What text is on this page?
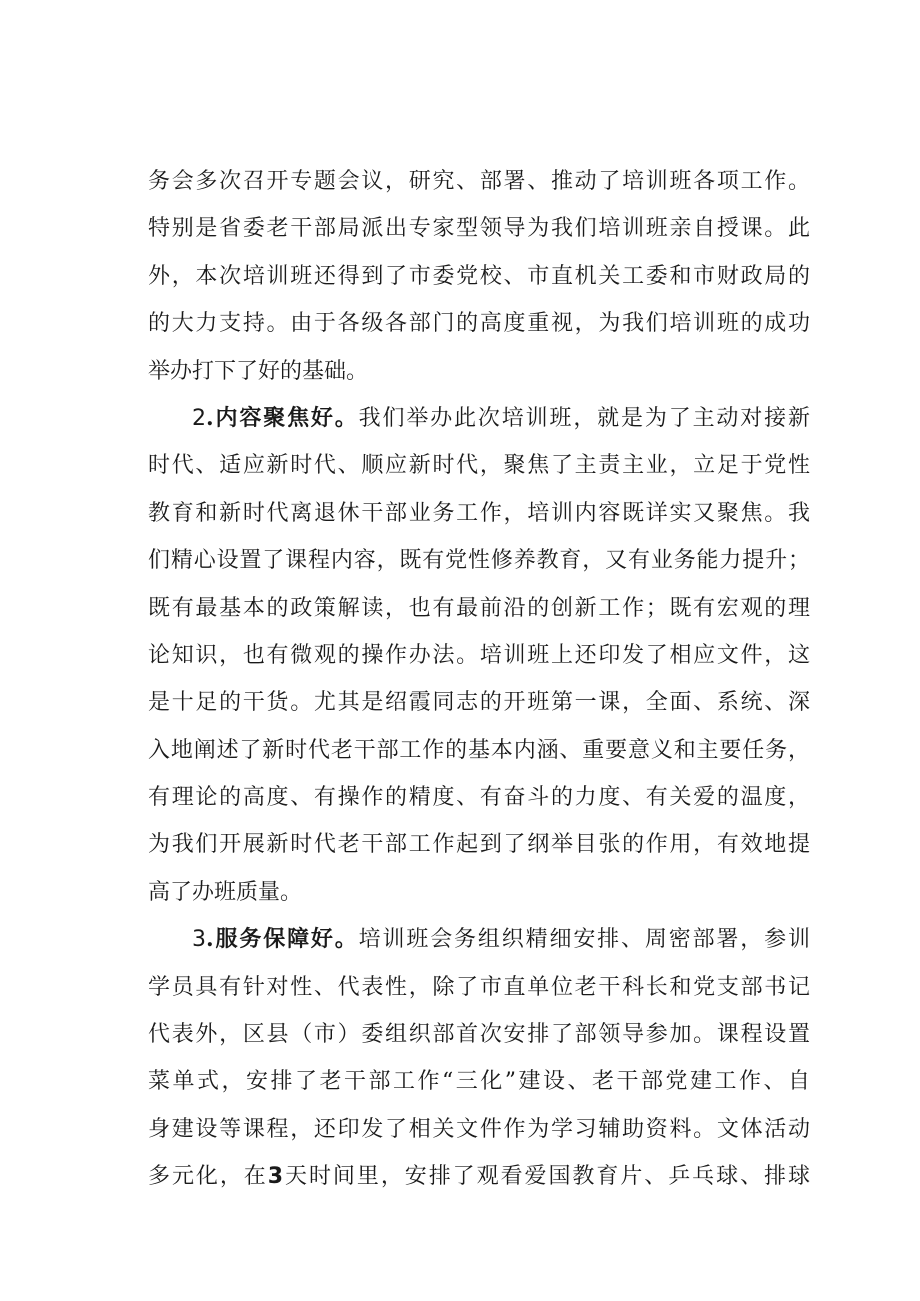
务会多次召开专题会议，研究、部署、推动了培训班各项工作。
特别是省委老干部局派出专家型领导为我们培训班亲自授课。此
外，本次培训班还得到了市委党校、市直机关工委和市财政局的
的大力支持。由于各级各部门的高度重视，为我们培训班的成功
举办打下了好的基础。
2.内容聚焦好。我们举办此次培训班，就是为了主动对接新
时代、适应新时代、顺应新时代，聚焦了主责主业，立足于党性
教育和新时代离退休干部业务工作，培训内容既详实又聚焦。我
们精心设置了课程内容，既有党性修养教育，又有业务能力提升；
既有最基本的政策解读，也有最前沿的创新工作；既有宏观的理
论知识，也有微观的操作办法。培训班上还印发了相应文件，这
是十足的干货。尤其是绍霞同志的开班第一课，全面、系统、深
入地阐述了新时代老干部工作的基本内涵、重要意义和主要任务，
有理论的高度、有操作的精度、有奋斗的力度、有关爱的温度，
为我们开展新时代老干部工作起到了纲举目张的作用，有效地提
高了办班质量。
3.服务保障好。培训班会务组织精细安排、周密部署，参训
学员具有针对性、代表性，除了市直单位老干科长和党支部书记
代表外，区县（市）委组织部首次安排了部领导参加。课程设置
菜单式，安排了老干部工作“三化”建设、老干部党建工作、自
身建设等课程，还印发了相关文件作为学习辅助资料。文体活动
多元化，在3天时间里，安排了观看爱国教育片、乒乓球、排球
